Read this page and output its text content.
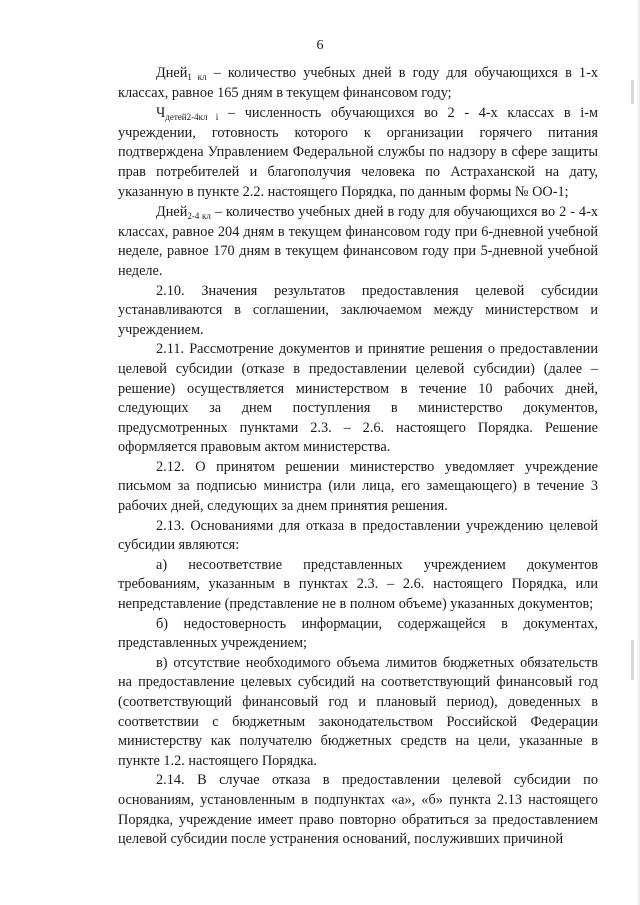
6

Дней$_{1 кл}$ – количество учебных дней в году для обучающихся в 1-х классах, равное 165 дням в текущем финансовом году;

$Ч_{детей2-4кл i}$ – численность обучающихся во 2 - 4-х классах в i-м учреждении, готовность которого к организации горячего питания подтверждена Управлением Федеральной службы по надзору в сфере защиты прав потребителей и благополучия человека по Астраханской на дату, указанную в пункте 2.2. настоящего Порядка, по данным формы № ОО-1;

Дней$_{2-4 кл}$ – количество учебных дней в году для обучающихся во 2 - 4-х классах, равное 204 дням в текущем финансовом году при 6-дневной учебной неделе, равное 170 дням в текущем финансовом году при 5-дневной учебной неделе.

2.10. Значения результатов предоставления целевой субсидии устанавливаются в соглашении, заключаемом между министерством и учреждением.

2.11. Рассмотрение документов и принятие решения о предоставлении целевой субсидии (отказе в предоставлении целевой субсидии) (далее – решение) осуществляется министерством в течение 10 рабочих дней, следующих за днем поступления в министерство документов, предусмотренных пунктами 2.3. – 2.6. настоящего Порядка. Решение оформляется правовым актом министерства.

2.12. О принятом решении министерство уведомляет учреждение письмом за подписью министра (или лица, его замещающего) в течение 3 рабочих дней, следующих за днем принятия решения.

2.13. Основаниями для отказа в предоставлении учреждению целевой субсидии являются:

а) несоответствие представленных учреждением документов требованиям, указанным в пунктах 2.3. – 2.6. настоящего Порядка, или непредставление (представление не в полном объеме) указанных документов;

б) недостоверность информации, содержащейся в документах, представленных учреждением;

в) отсутствие необходимого объема лимитов бюджетных обязательств на предоставление целевых субсидий на соответствующий финансовый год (соответствующий финансовый год и плановый период), доведенных в соответствии с бюджетным законодательством Российской Федерации министерству как получателю бюджетных средств на цели, указанные в пункте 1.2. настоящего Порядка.

2.14. В случае отказа в предоставлении целевой субсидии по основаниям, установленным в подпунктах «а», «б» пункта 2.13 настоящего Порядка, учреждение имеет право повторно обратиться за предоставлением целевой субсидии после устранения оснований, послуживших причиной
